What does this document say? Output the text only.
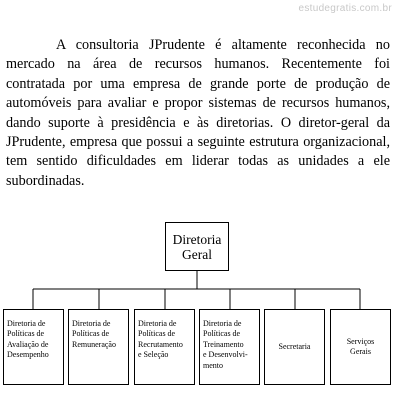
estudegratis.com.br

A consultoria JPrudente é altamente reconhecida no mercado na área de recursos humanos. Recentemente foi contratada por uma empresa de grande porte de produção de automóveis para avaliar e propor sistemas de recursos humanos, dando suporte à presidência e às diretorias. O diretor-geral da JPrudente, empresa que possui a seguinte estrutura organizacional, tem sentido dificuldades em liderar todas as unidades a ele subordinadas.

Diretoria
Geral
Diretoria de
Políticas de
Avaliação de
Desempenho
Diretoria de
Políticas de
Remuneração
Diretoria de
Políticas de
Recrutamento
e Seleção
Diretoria de
Políticas de
Treinamento
e Desenvolvi-
mento
Secretaria
Serviços
Gerais
